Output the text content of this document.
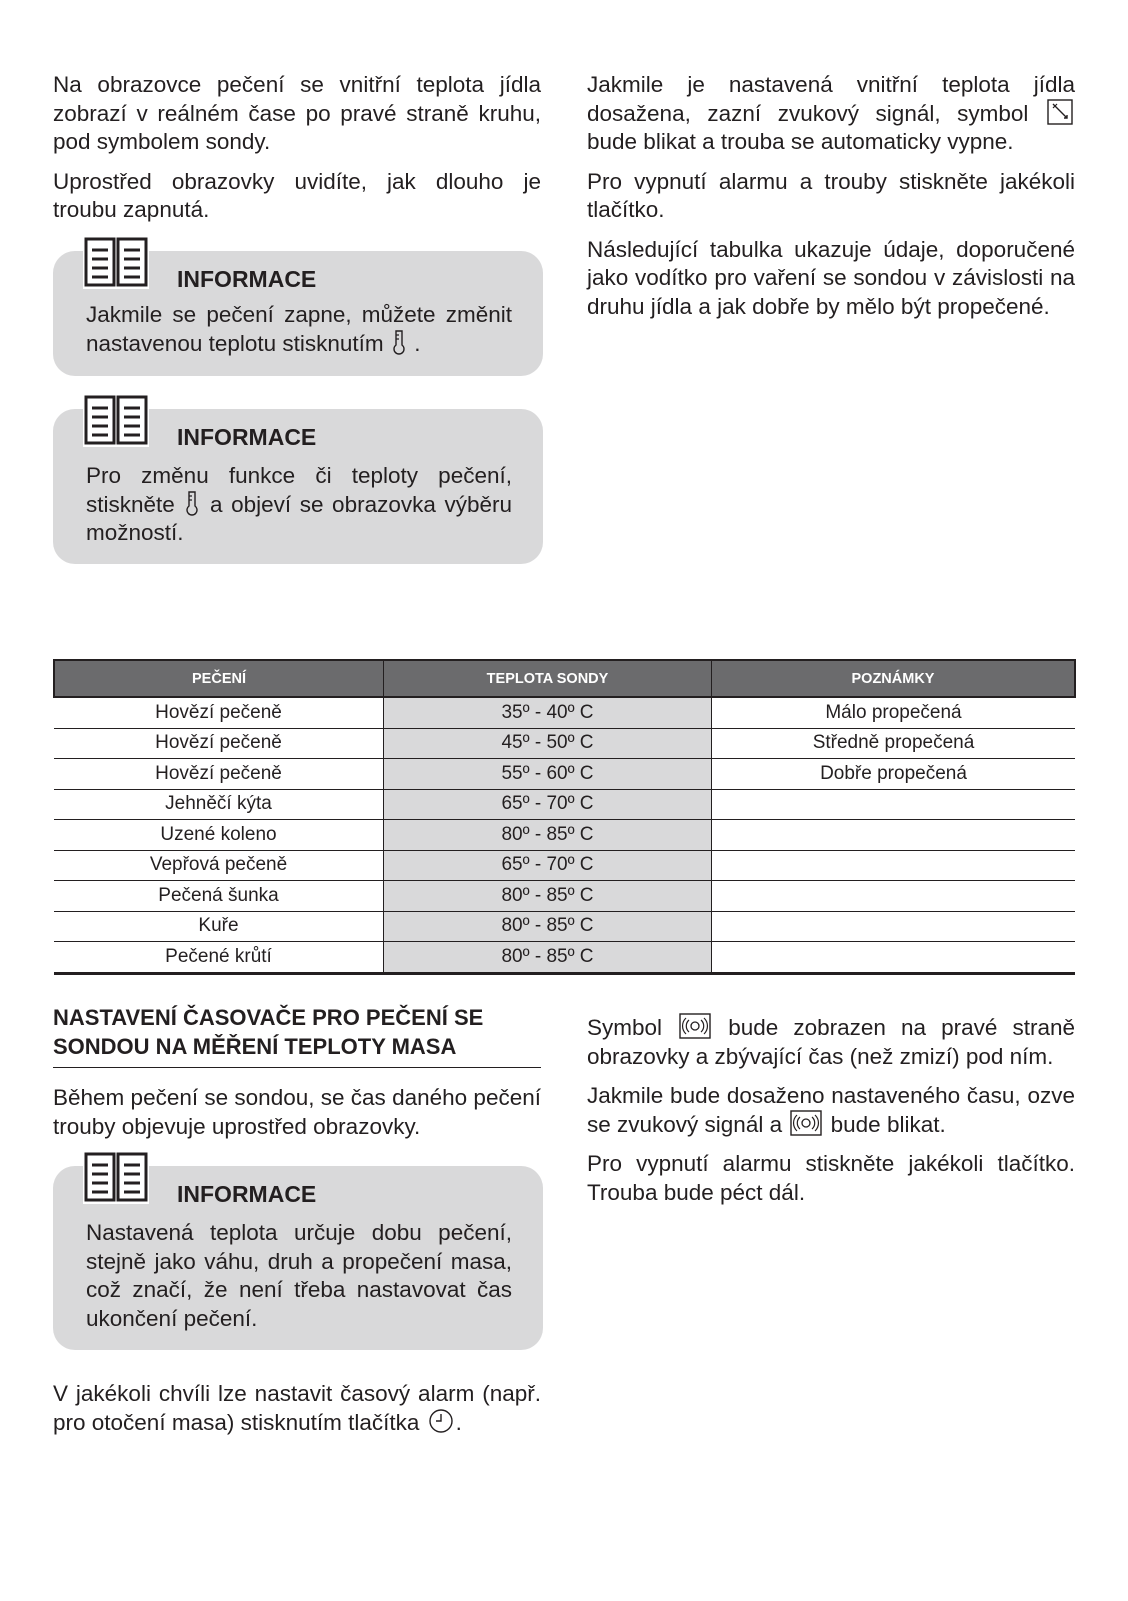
Na obrazovce pečení se vnitřní teplota jídla zobrazí v reálném čase po pravé straně kruhu, pod symbolem sondy.

Uprostřed obrazovky uvidíte, jak dlouho je troubu zapnutá.

INFORMACE
Jakmile se pečení zapne, můžete změnit nastavenou teplotu stisknutím .
INFORMACE
Pro změnu funkce či teploty pečení, stiskněte a objeví se obrazovka výběru možností.

Jakmile je nastavená vnitřní teplota jídla dosažena, zazní zvukový signál, symbol  bude blikat a trouba se automaticky vypne.

Pro vypnutí alarmu a trouby stiskněte jakékoli tlačítko.

Následující tabulka ukazuje údaje, doporučené jako vodítko pro vaření se sondou v závislosti na druhu jídla a jak dobře by mělo být propečené.

PEČENÍ	TEPLOTA SONDY	POZNÁMKY
Hovězí pečeně	35º - 40º C	Málo propečená
Hovězí pečeně	45º - 50º C	Středně propečená
Hovězí pečeně	55º - 60º C	Dobře propečená
Jehněčí kýta	65º - 70º C	
Uzené koleno	80º - 85º C	
Vepřová pečeně	65º - 70º C	
Pečená šunka	80º - 85º C	
Kuře	80º - 85º C	
Pečené krůtí	80º - 85º C	
NASTAVENÍ ČASOVAČE PRO PEČENÍ SE SONDOU NA MĚŘENÍ TEPLOTY MASA

Během pečení se sondou, se čas daného pečení trouby objevuje uprostřed obrazovky.

INFORMACE
Nastavená teplota určuje dobu pečení, stejně jako váhu, druh a propečení masa, což značí, že není třeba nastavovat čas ukončení pečení.

V jakékoli chvíli lze nastavit časový alarm (např. pro otočení masa) stisknutím tlačítka .

Symbol	bude zobrazen na pravé straně obrazovky a zbývající čas (než zmizí) pod ním.

Jakmile bude dosaženo nastaveného času, ozve se zvukový signál a bude blikat.

Pro vypnutí alarmu stiskněte jakékoli tlačítko. Trouba bude péct dál.
